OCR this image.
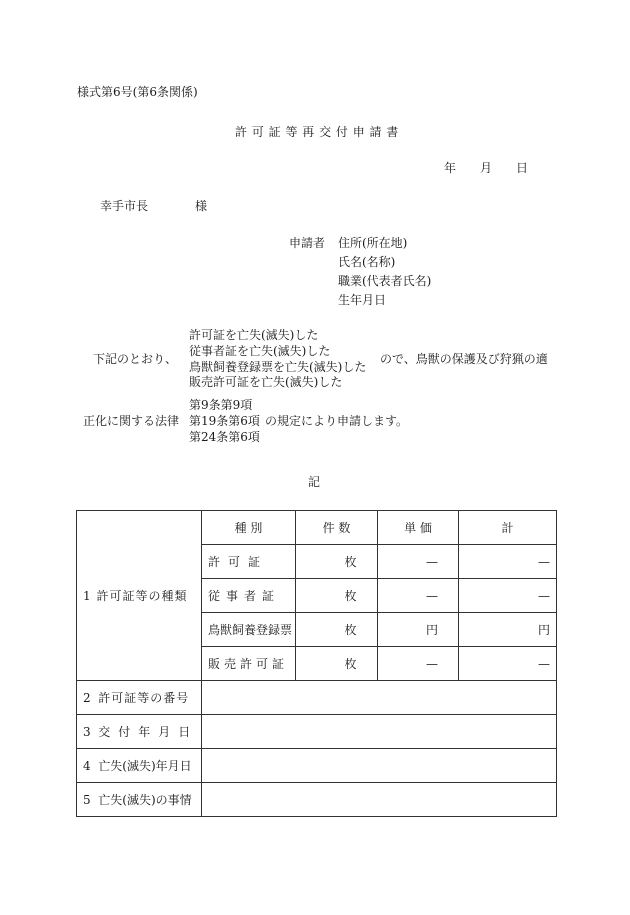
様式第6号(第6条関係)
許 可 証 等 再 交 付 申 請 書
年 月 日
幸手市長	様
申請者 住所(所在地)
氏名(名称)
職業(代表者氏名)
生年月日
下記のとおり、
許可証を亡失(滅失)した
従事者証を亡失(滅失)した
鳥獣飼養登録票を亡失(滅失)した
販売許可証を亡失(滅失)した
ので、鳥獣の保護及び狩猟の適
正化に関する法律
第9条第9項
第19条第6項
第24条第6項
の規定により申請します。
記
1 許可証等の種類	種 別	件 数	単 価	計
	許可証	枚	—	—
	従事者証	枚	—	—
	鳥獣飼養登録票	枚	円	円
	販売許可証	枚	—	—
2 許可証等の番号				
3 交付年月日				
4 亡失(滅失)年月日				
5 亡失(滅失)の事情				
